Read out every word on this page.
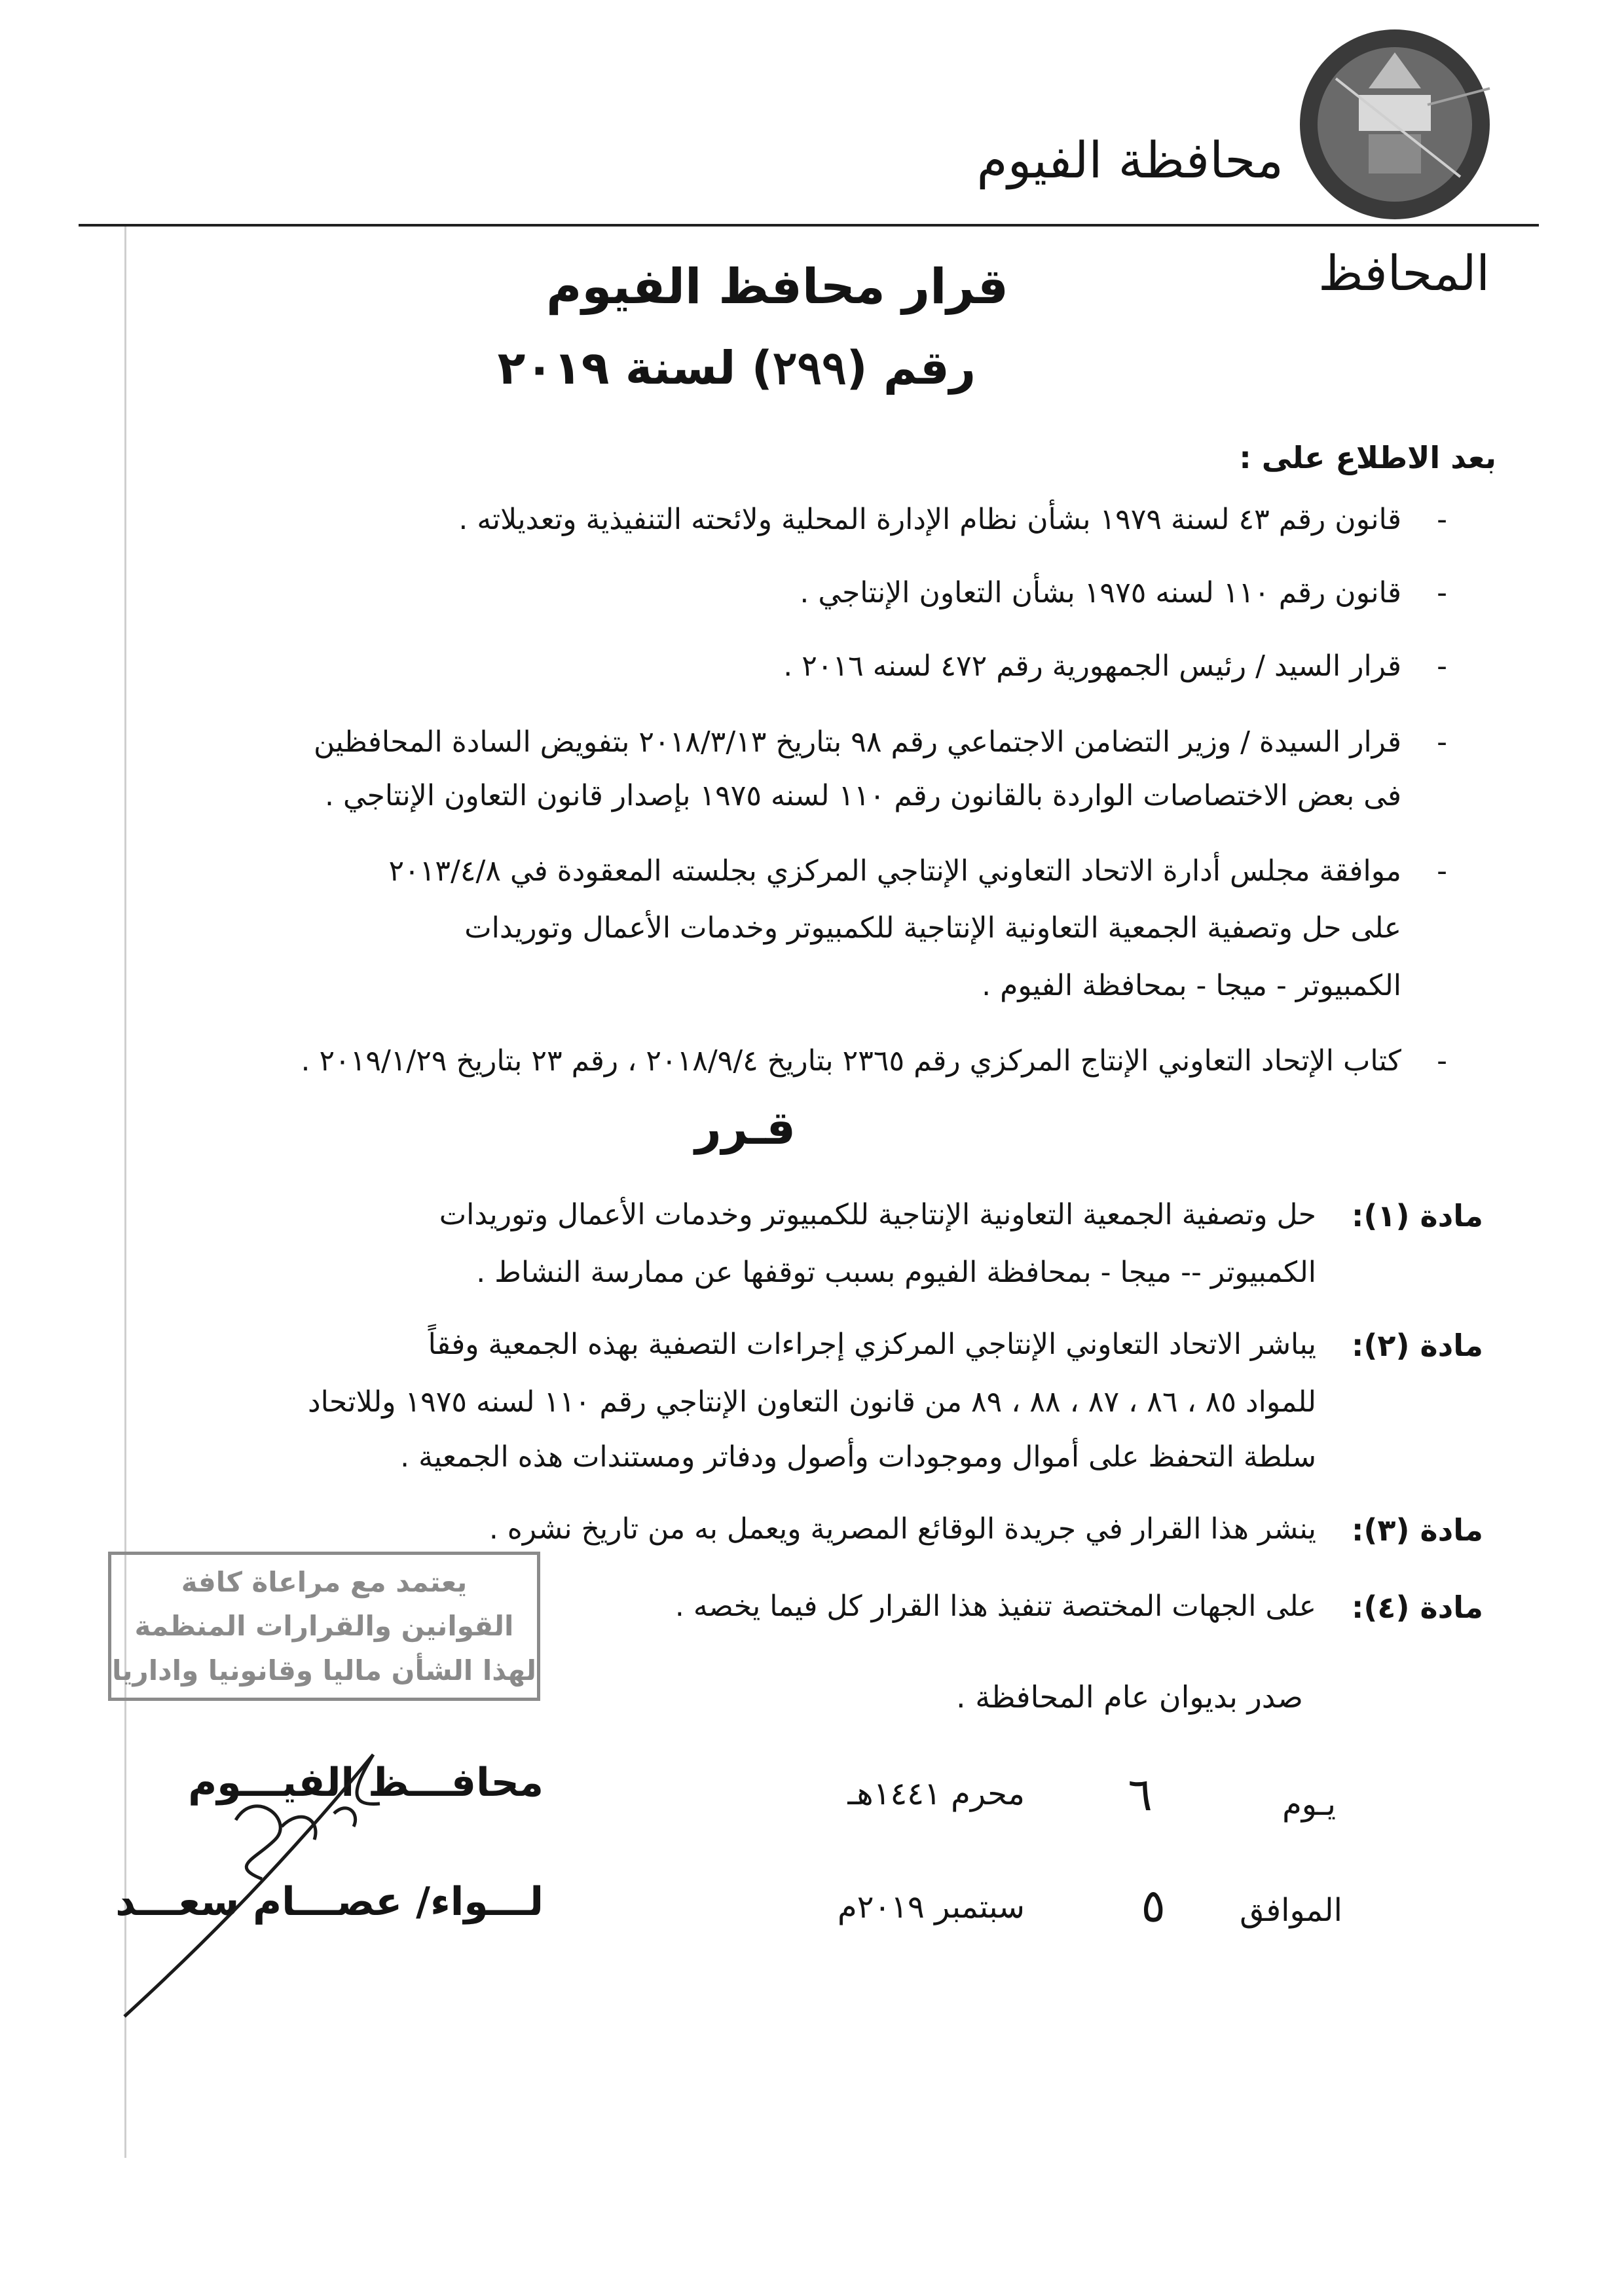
محافظة الفيوم
المحافظ
قرار محافظ الفيوم
رقم (٢٩٩) لسنة ٢٠١٩
بعد الاطلاع على :
-
قانون رقم ٤٣ لسنة ١٩٧٩ بشأن نظام الإدارة المحلية ولائحته التنفيذية وتعديلاته .
-
قانون رقم ١١٠ لسنه ١٩٧٥ بشأن التعاون الإنتاجي .
-
قرار السيد / رئيس الجمهورية رقم ٤٧٢ لسنه ٢٠١٦ .
-
قرار السيدة / وزير التضامن الاجتماعي رقم ٩٨ بتاريخ ٢٠١٨/٣/١٣ بتفويض السادة المحافظين
فى بعض الاختصاصات الواردة بالقانون رقم ١١٠ لسنه ١٩٧٥ بإصدار قانون التعاون الإنتاجي .
-
موافقة مجلس أدارة الاتحاد التعاوني الإنتاجي المركزي بجلسته المعقودة في ٢٠١٣/٤/٨
على حل وتصفية الجمعية التعاونية الإنتاجية للكمبيوتر وخدمات الأعمال وتوريدات
الكمبيوتر - ميجا - بمحافظة الفيوم .
-
كتاب الإتحاد التعاوني الإنتاج المركزي رقم ٢٣٦٥ بتاريخ ٢٠١٨/٩/٤ ، رقم ٢٣ بتاريخ ٢٠١٩/١/٢٩ .
قـرر
مادة (١):
حل وتصفية الجمعية التعاونية الإنتاجية للكمبيوتر وخدمات الأعمال وتوريدات
الكمبيوتر -- ميجا - بمحافظة الفيوم بسبب توقفها عن ممارسة النشاط .
مادة (٢):
يباشر الاتحاد التعاوني الإنتاجي المركزي إجراءات التصفية بهذه الجمعية وفقاً
للمواد ٨٥ ، ٨٦ ، ٨٧ ، ٨٨ ، ٨٩ من قانون التعاون الإنتاجي رقم ١١٠ لسنه ١٩٧٥ وللاتحاد
سلطة التحفظ على أموال وموجودات وأصول ودفاتر ومستندات هذه الجمعية .
مادة (٣):
ينشر هذا القرار في جريدة الوقائع المصرية ويعمل به من تاريخ نشره .
مادة (٤):
على الجهات المختصة تنفيذ هذا القرار كل فيما يخصه .
صدر بديوان عام المحافظة .
يـوم
٦
محرم ١٤٤١هـ
الموافق
٥
سبتمبر ٢٠١٩م
محافـــظ الفيـــوم
لـــواء/ عصـــام سعـــد
يعتمد مع مراعاة كافة
القوانين والقرارات المنظمة
لهذا الشأن ماليا وقانونيا واداريا
